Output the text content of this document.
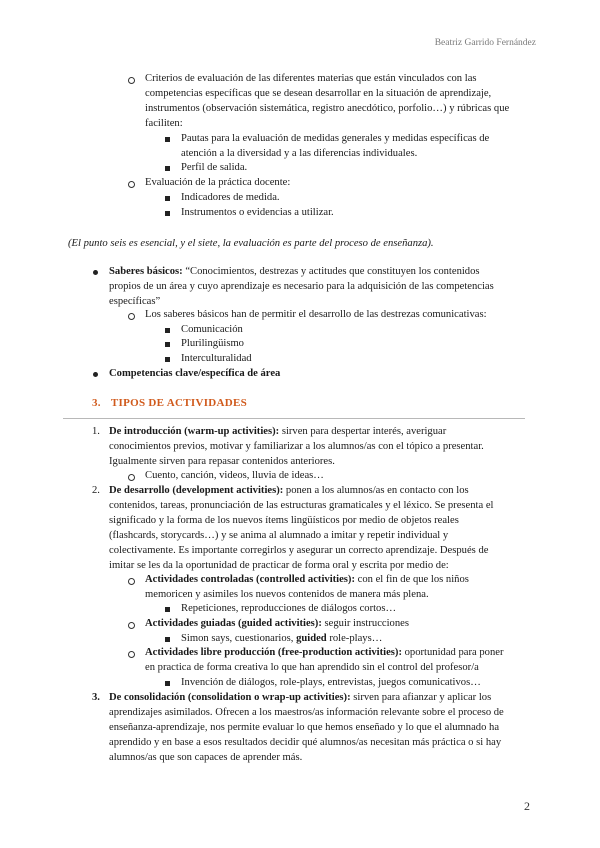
Beatriz Garrido Fernández
Criterios de evaluación de las diferentes materias que están vinculados con las
competencias específicas que se desean desarrollar en la situación de aprendizaje,
instrumentos (observación sistemática, registro anecdótico, porfolio…) y rúbricas que
faciliten:
Pautas para la evaluación de medidas generales y medidas específicas de
atención a la diversidad y a las diferencias individuales.
Perfil de salida.
Evaluación de la práctica docente:
Indicadores de medida.
Instrumentos o evidencias a utilizar.
(El punto seis es esencial, y el siete, la evaluación es parte del proceso de enseñanza).
Saberes básicos: “Conocimientos, destrezas y actitudes que constituyen los contenidos
propios de un área y cuyo aprendizaje es necesario para la adquisición de las competencias
específicas”
Los saberes básicos han de permitir el desarrollo de las destrezas comunicativas:
Comunicación
Plurilingüismo
Interculturalidad
Competencias clave/específica de área
3. TIPOS DE ACTIVIDADES
1. De introducción (warm-up activities): sirven para despertar interés, averiguar
conocimientos previos, motivar y familiarizar a los alumnos/as con el tópico a presentar.
Igualmente sirven para repasar contenidos anteriores.
Cuento, canción, videos, lluvia de ideas…
2. De desarrollo (development activities): ponen a los alumnos/as en contacto con los
contenidos, tareas, pronunciación de las estructuras gramaticales y el léxico. Se presenta el
significado y la forma de los nuevos ítems lingüísticos por medio de objetos reales
(flashcards, storycards…) y se anima al alumnado a imitar y repetir individual y
colectivamente. Es importante corregirlos y asegurar un correcto aprendizaje. Después de
imitar se les da la oportunidad de practicar de forma oral y escrita por medio de:
Actividades controladas (controlled activities): con el fin de que los niños
memoricen y asimiles los nuevos contenidos de manera más plena.
Repeticiones, reproducciones de diálogos cortos…
Actividades guiadas (guided activities): seguir instrucciones
Simon says, cuestionarios, guided role-plays…
Actividades libre producción (free-production activities): oportunidad para poner
en practica de forma creativa lo que han aprendido sin el control del profesor/a
Invención de diálogos, role-plays, entrevistas, juegos comunicativos…
3. De consolidación (consolidation o wrap-up activities): sirven para afianzar y aplicar los
aprendizajes asimilados. Ofrecen a los maestros/as información relevante sobre el proceso de
enseñanza-aprendizaje, nos permite evaluar lo que hemos enseñado y lo que el alumnado ha
aprendido y en base a esos resultados decidir qué alumnos/as necesitan más práctica o si hay
alumnos/as que son capaces de aprender más.
2
